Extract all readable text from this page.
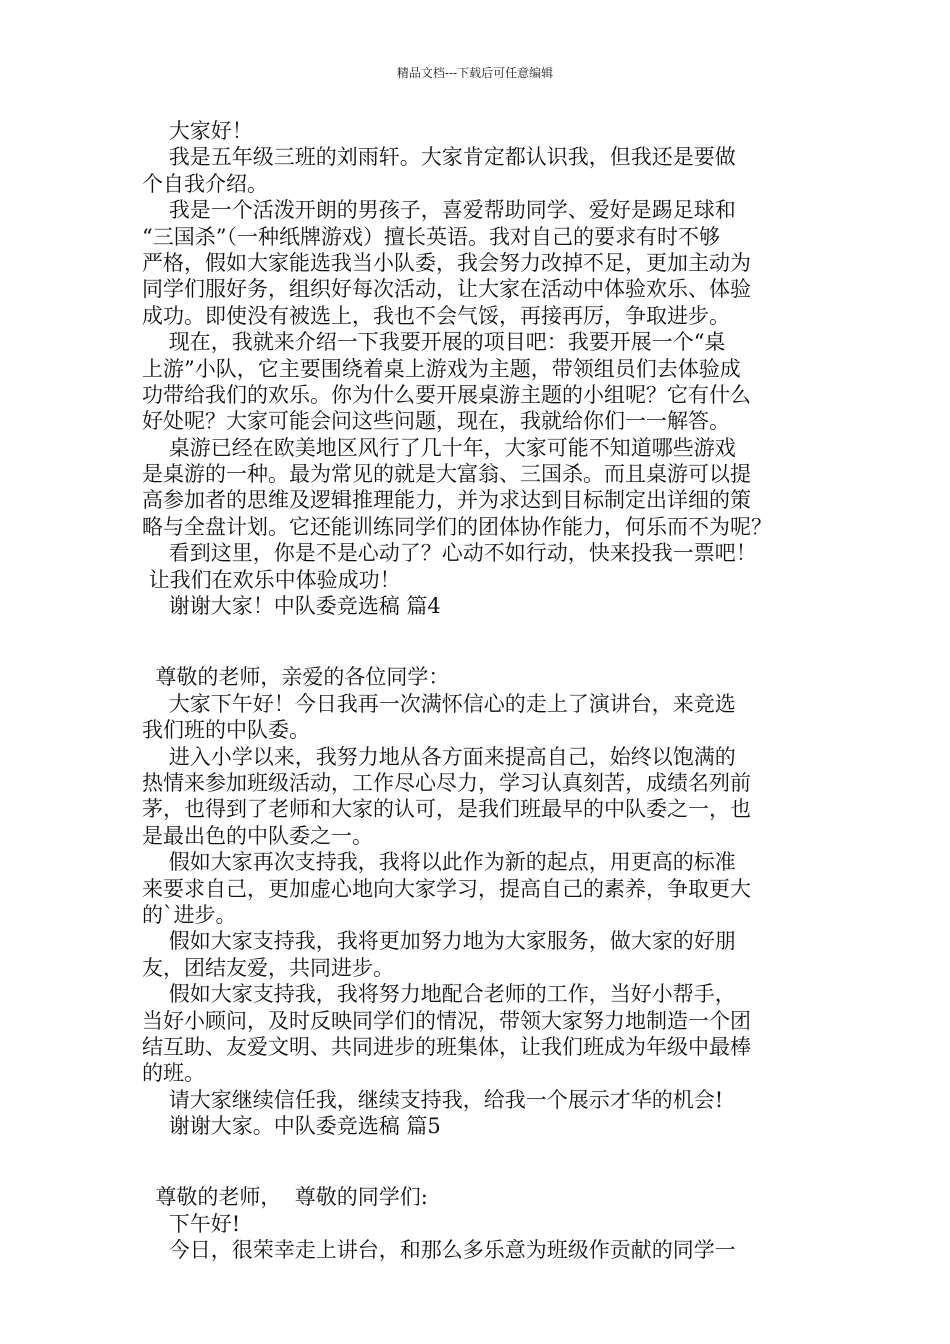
精品文档---下载后可任意编辑
大家好！
我是五年级三班的刘雨轩。大家肯定都认识我，但我还是要做
个自我介绍。
我是一个活泼开朗的男孩子，喜爱帮助同学、爱好是踢足球和
“三国杀”（一种纸牌游戏）擅长英语。我对自己的要求有时不够
严格，假如大家能选我当小队委，我会努力改掉不足，更加主动为
同学们服好务，组织好每次活动，让大家在活动中体验欢乐、体验
成功。即使没有被选上，我也不会气馁，再接再厉，争取进步。
现在，我就来介绍一下我要开展的项目吧：我要开展一个“桌
上游”小队，它主要围绕着桌上游戏为主题，带领组员们去体验成
功带给我们的欢乐。你为什么要开展桌游主题的小组呢？它有什么
好处呢？大家可能会问这些问题，现在，我就给你们一一解答。
桌游已经在欧美地区风行了几十年，大家可能不知道哪些游戏
是桌游的一种。最为常见的就是大富翁、三国杀。而且桌游可以提
高参加者的思维及逻辑推理能力，并为求达到目标制定出详细的策
略与全盘计划。它还能训练同学们的团体协作能力，何乐而不为呢？
看到这里，你是不是心动了？心动不如行动，快来投我一票吧！
让我们在欢乐中体验成功！
谢谢大家！中队委竞选稿 篇4
尊敬的老师，亲爱的各位同学：
大家下午好！今日我再一次满怀信心的走上了演讲台，来竞选
我们班的中队委。
进入小学以来，我努力地从各方面来提高自己，始终以饱满的
热情来参加班级活动，工作尽心尽力，学习认真刻苦，成绩名列前
茅，也得到了老师和大家的认可，是我们班最早的中队委之一，也
是最出色的中队委之一。
假如大家再次支持我，我将以此作为新的起点，用更高的标准
来要求自己，更加虚心地向大家学习，提高自己的素养，争取更大
的`进步。
假如大家支持我，我将更加努力地为大家服务，做大家的好朋
友，团结友爱，共同进步。
假如大家支持我，我将努力地配合老师的工作，当好小帮手，
当好小顾问，及时反映同学们的情况，带领大家努力地制造一个团
结互助、友爱文明、共同进步的班集体，让我们班成为年级中最棒
的班。
请大家继续信任我，继续支持我，给我一个展示才华的机会!
谢谢大家。中队委竞选稿 篇5
尊敬的老师，  尊敬的同学们:
下午好!
今日，很荣幸走上讲台，和那么多乐意为班级作贡献的同学一
